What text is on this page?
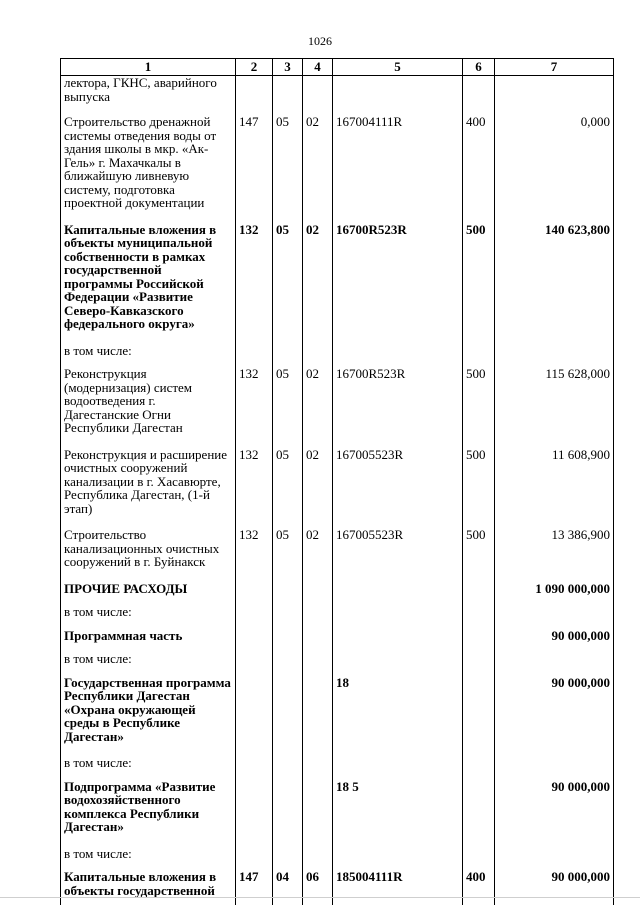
1026
1	2	3	4	5	6	7
лектора, ГКНС, аварийного выпуска						
Строительство дренажной системы отведения воды от здания школы в мкр. «Ак-Гель» г. Махачкалы в ближайшую ливневую систему, подготовка проектной документации	147	05	02	167004111R	400	0,000
Капитальные вложения в объекты муниципальной собственности в рамках государственной программы Российской Федерации «Развитие Северо-Кавказского федерального округа»	132	05	02	16700R523R	500	140 623,800
в том числе:						
Реконструкция (модернизация) систем водоотведения г. Дагестанские Огни Республики Дагестан	132	05	02	16700R523R	500	115 628,000
Реконструкция и расширение очистных сооружений канализации в г. Хасавюрте, Республика Дагестан, (1-й этап)	132	05	02	167005523R	500	11 608,900
Строительство канализационных очистных сооружений в г. Буйнакск	132	05	02	167005523R	500	13 386,900
ПРОЧИЕ РАСХОДЫ						1 090 000,000
в том числе:						
Программная часть						90 000,000
в том числе:						
Государственная программа Республики Дагестан «Охрана окружающей среды в Республике Дагестан»				18		90 000,000
в том числе:						
Подпрограмма «Развитие водохозяйственного комплекса Республики Дагестан»				18 5		90 000,000
в том числе:						
Капитальные вложения в объекты государственной	147	04	06	185004111R	400	90 000,000
